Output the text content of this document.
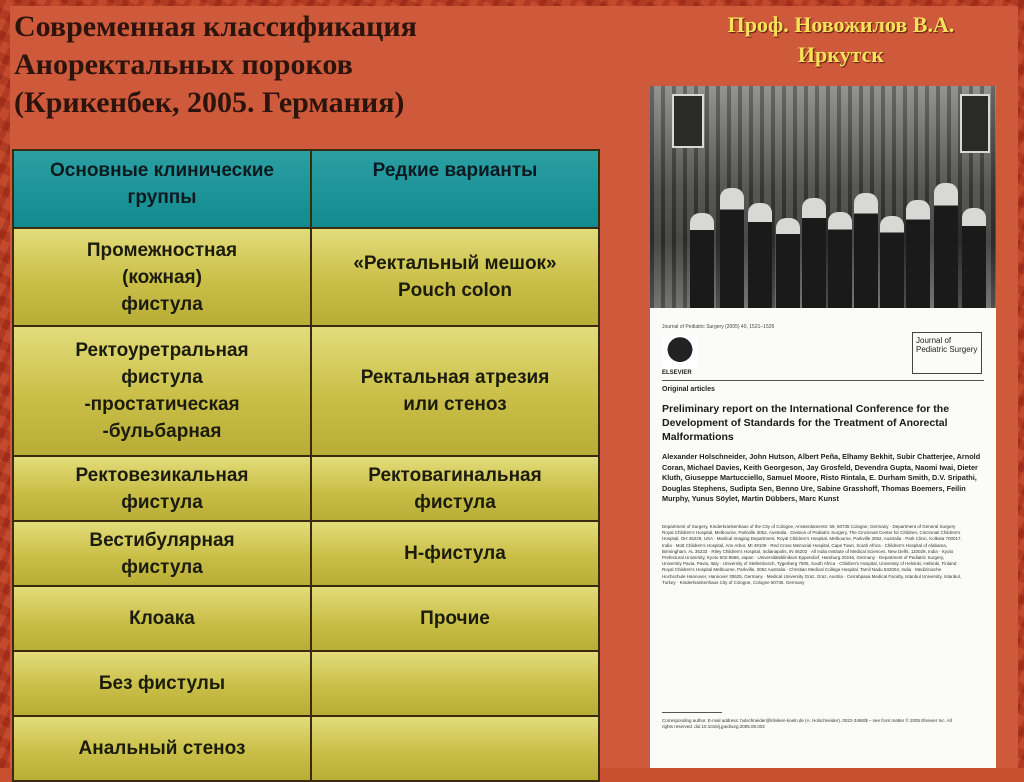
Современная классификация
Аноректальных пороков
(Крикенбек, 2005. Германия)
Проф. Новожилов В.А.
Иркутск
Основные клинические группы	Редкие варианты

Промежностная
(кожная)
фистула	«Ректальный мешок»
Pouch colon

Ректоуретральная
фистула
-простатическая
-бульбарная	Ректальная атрезия
или стеноз

Ректовезикальная
фистула	Ректовагинальная
фистула

Вестибулярная
фистула	Н-фистула

Клоака	Прочие

Без фистулы	

Анальный стеноз	

Journal of Pediatric Surgery (2005) 40, 1521–1526
ELSEVIER
Journal of Pediatric Surgery
Original articles
Preliminary report on the International Conference for the Development of Standards for the Treatment of Anorectal Malformations
Alexander Holschneider, John Hutson, Albert Peña, Elhamy Bekhit, Subir Chatterjee, Arnold Coran, Michael Davies, Keith Georgeson, Jay Grosfeld, Devendra Gupta, Naomi Iwai, Dieter Kluth, Giuseppe Martucciello, Samuel Moore, Risto Rintala, E. Durham Smith, D.V. Sripathi, Douglas Stephens, Sudipta Sen, Benno Ure, Sabine Grasshoff, Thomas Boemers, Feilin Murphy, Yunus Söylet, Martin Dübbers, Marc Kunst
Department of Surgery, Kinderkrankenhaus of the City of Cologne, Amsterdamerstr. 59, 50735 Cologne, Germany · Department of General Surgery Royal Children's Hospital, Melbourne, Parkville 3052, Australia · Division of Pediatric Surgery, The Cincinnati Center for Children, Cincinnati Children's Hospital, OH 45229, USA · Medical Imaging Department, Royal Children's Hospital, Melbourne, Parkville 3052, Australia · Park Clinic, Kolkata 700017, India · Mott Children's Hospital, Ann Arbor, MI 48109 · Red Cross Memorial Hospital, Cape Town, South Africa · Children's Hospital of Alabama, Birmingham, AL 35233 · Riley Children's Hospital, Indianapolis, IN 46202 · All India Institute of Medical Sciences, New Delhi, 110029, India · Kyoto Prefectural University, Kyoto 602-8566, Japan · Universitätsklinikum Eppendorf, Hamburg 20246, Germany · Department of Pediatric Surgery, University Pavia, Pavia, Italy · University of Stellenbosch, Tygerberg 7505, South Africa · Children's Hospital, University of Helsinki, Helsinki, Finland · Royal Children's Hospital Melbourne, Parkville, 3052 Australia · Christian Medical College Hospital, Tamil Nadu 632004, India · Medizinische Hochschule Hannover, Hannover 30625, Germany · Medical University Graz, Graz, Austria · Cerrahpasa Medical Faculty, Istanbul University, Istanbul, Turkey · Kinderkrankenhaus City of Cologne, Cologne 50735, Germany
Corresponding author. E-mail address: holschneider@kliniken-koeln.de (A. Holschneider). 0022-3468/$ – see front matter © 2005 Elsevier Inc. All rights reserved. doi:10.1016/j.jpedsurg.2005.08.002
